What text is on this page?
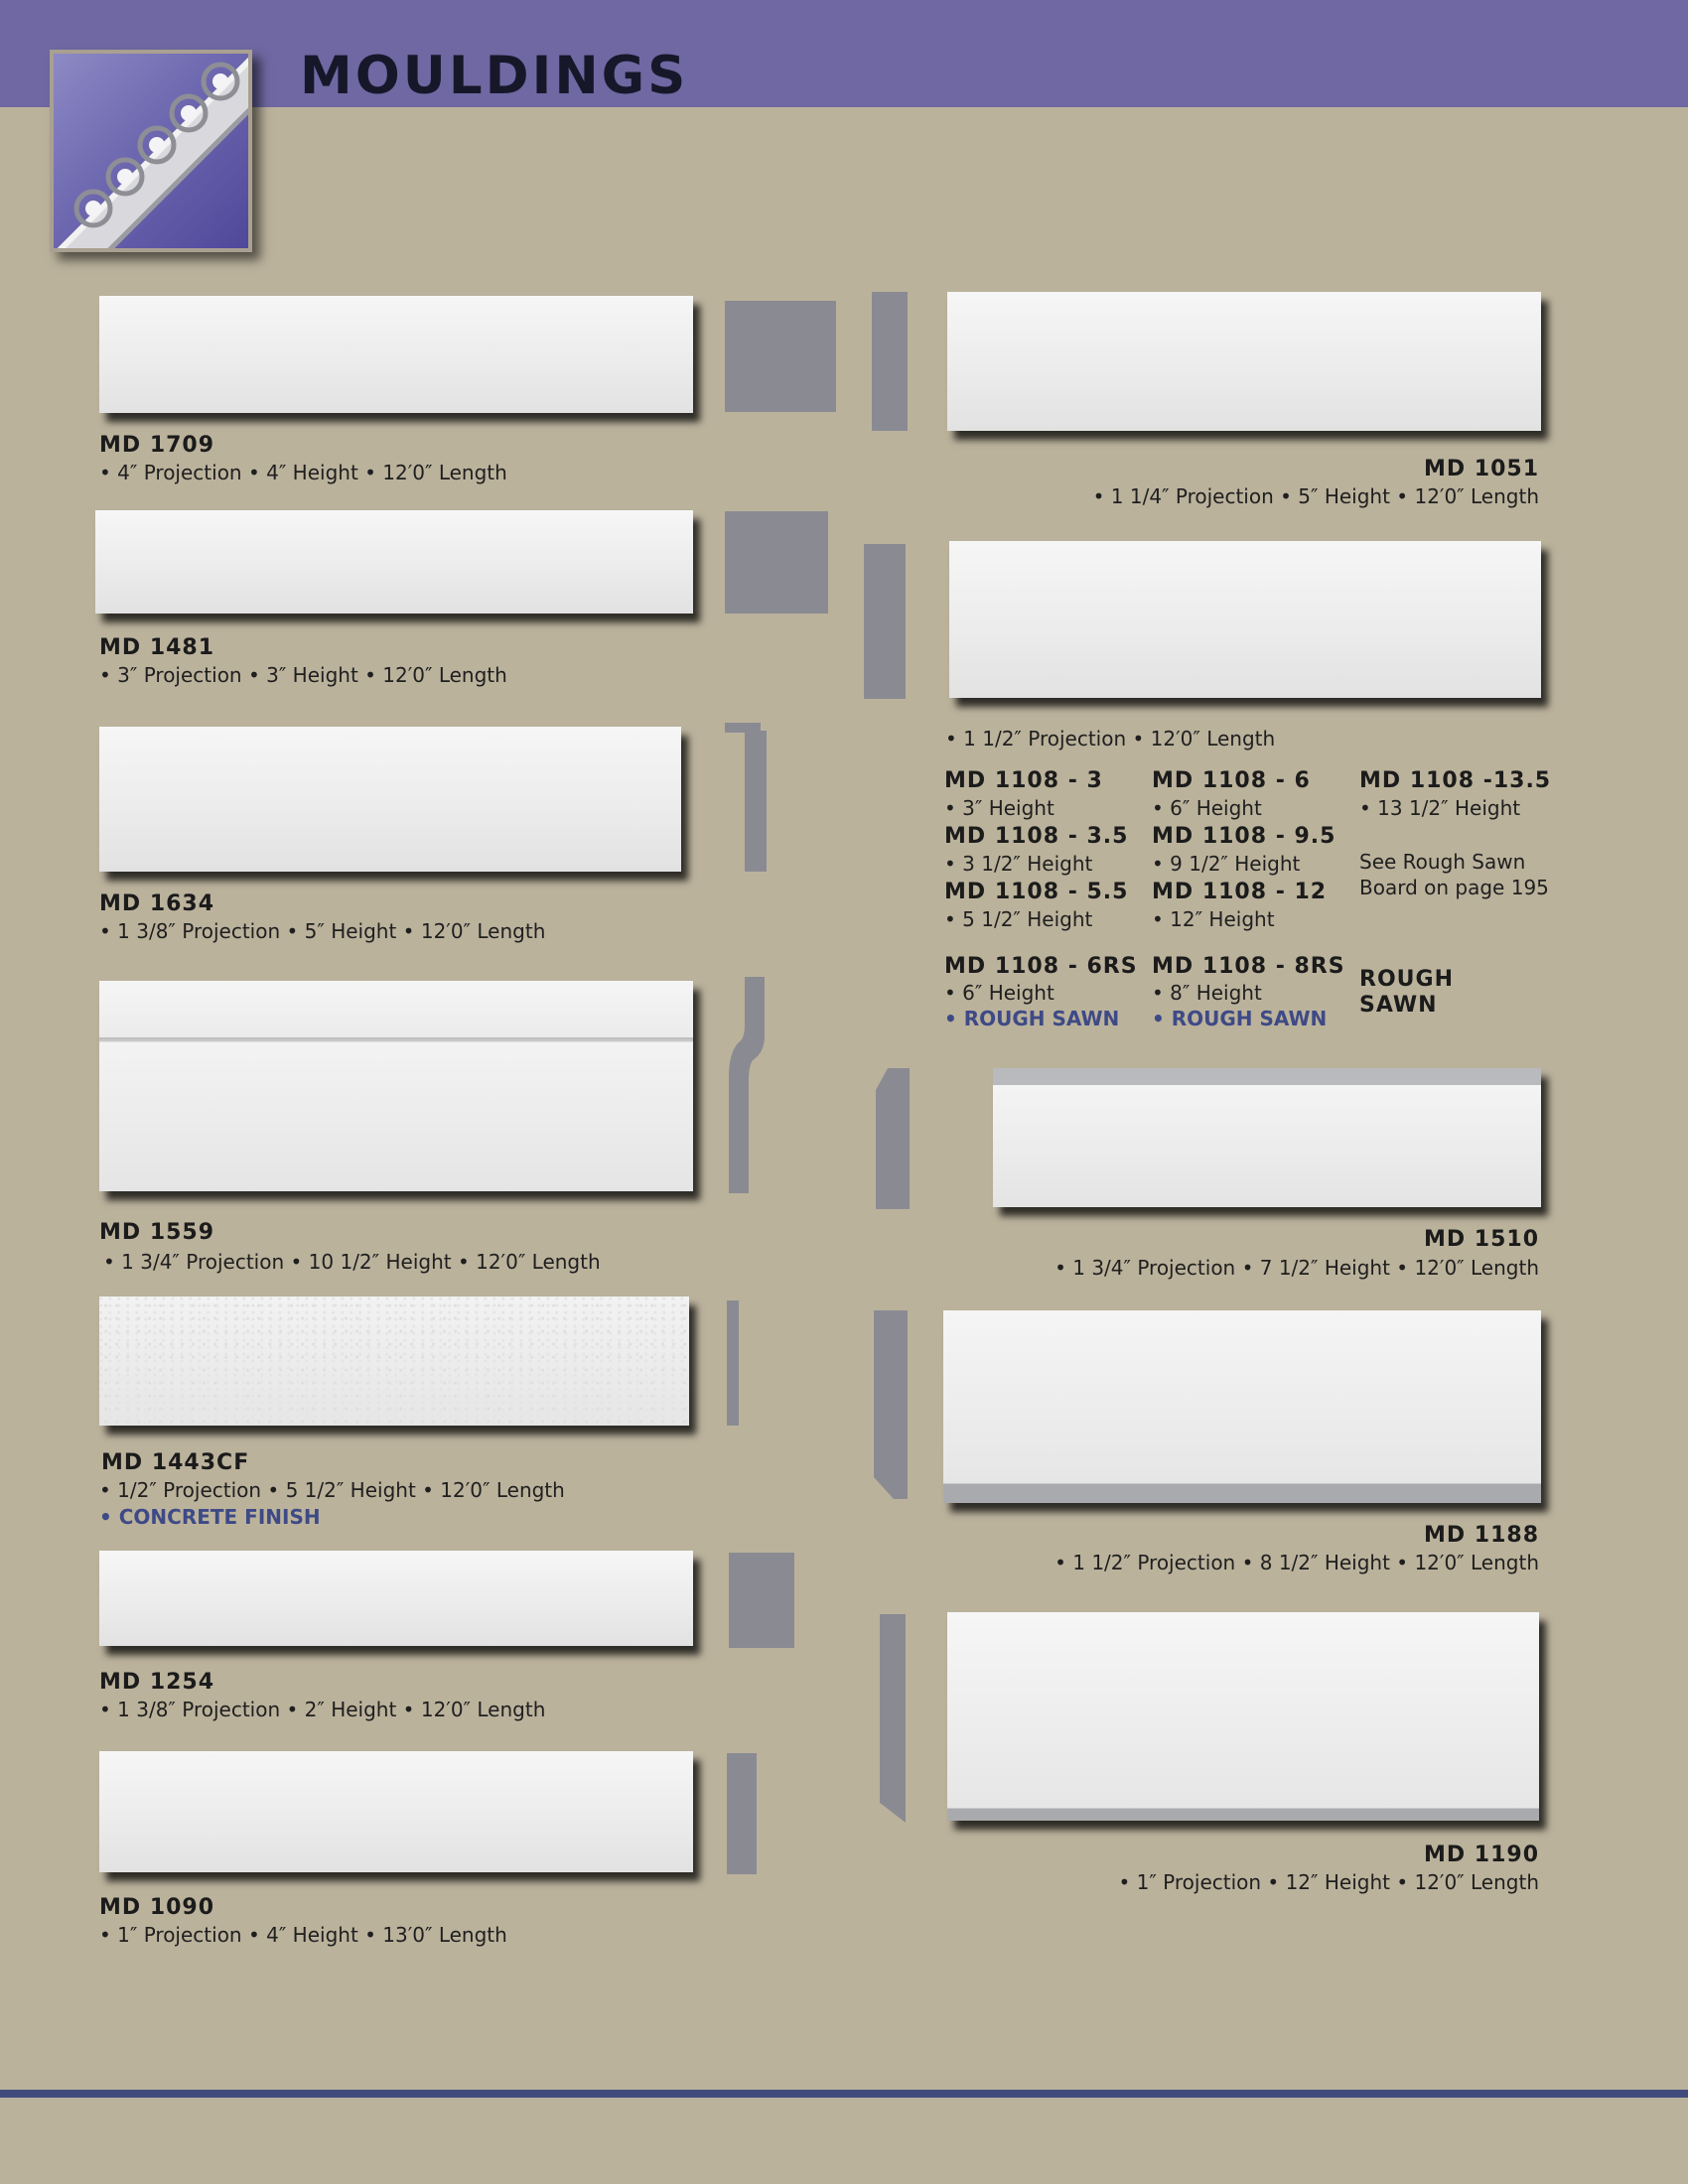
MOULDINGS

MD 1709

• 4″ Projection • 4″ Height • 12′0″ Length

MD 1481

• 3″ Projection • 3″ Height • 12′0″ Length

MD 1634

• 1 3/8″ Projection • 5″ Height • 12′0″ Length

MD 1559

• 1 3/4″ Projection • 10 1/2″ Height • 12′0″ Length

MD 1443CF

• 1/2″ Projection • 5 1/2″ Height • 12′0″ Length

• CONCRETE FINISH

MD 1254

• 1 3/8″ Projection • 2″ Height • 12′0″ Length

MD 1090

• 1″ Projection • 4″ Height • 13′0″ Length

MD 1051

• 1 1/4″ Projection • 5″ Height • 12′0″ Length

• 1 1/2″ Projection • 12′0″ Length

MD 1108 - 3

• 3″ Height

MD 1108 - 6

• 6″ Height

MD 1108 -13.5

• 13 1/2″ Height

MD 1108 - 3.5

• 3 1/2″ Height

MD 1108 - 9.5

• 9 1/2″ Height

MD 1108 - 5.5

• 5 1/2″ Height

MD 1108 - 12

• 12″ Height

See Rough Sawn

Board on page 195

MD 1108 - 6RS

• 6″ Height

• ROUGH SAWN

MD 1108 - 8RS

• 8″ Height

• ROUGH SAWN

ROUGH

SAWN

MD 1510

• 1 3/4″ Projection • 7 1/2″ Height • 12′0″ Length

MD 1188

• 1 1/2″ Projection • 8 1/2″ Height • 12′0″ Length

MD 1190

• 1″ Projection • 12″ Height • 12′0″ Length
